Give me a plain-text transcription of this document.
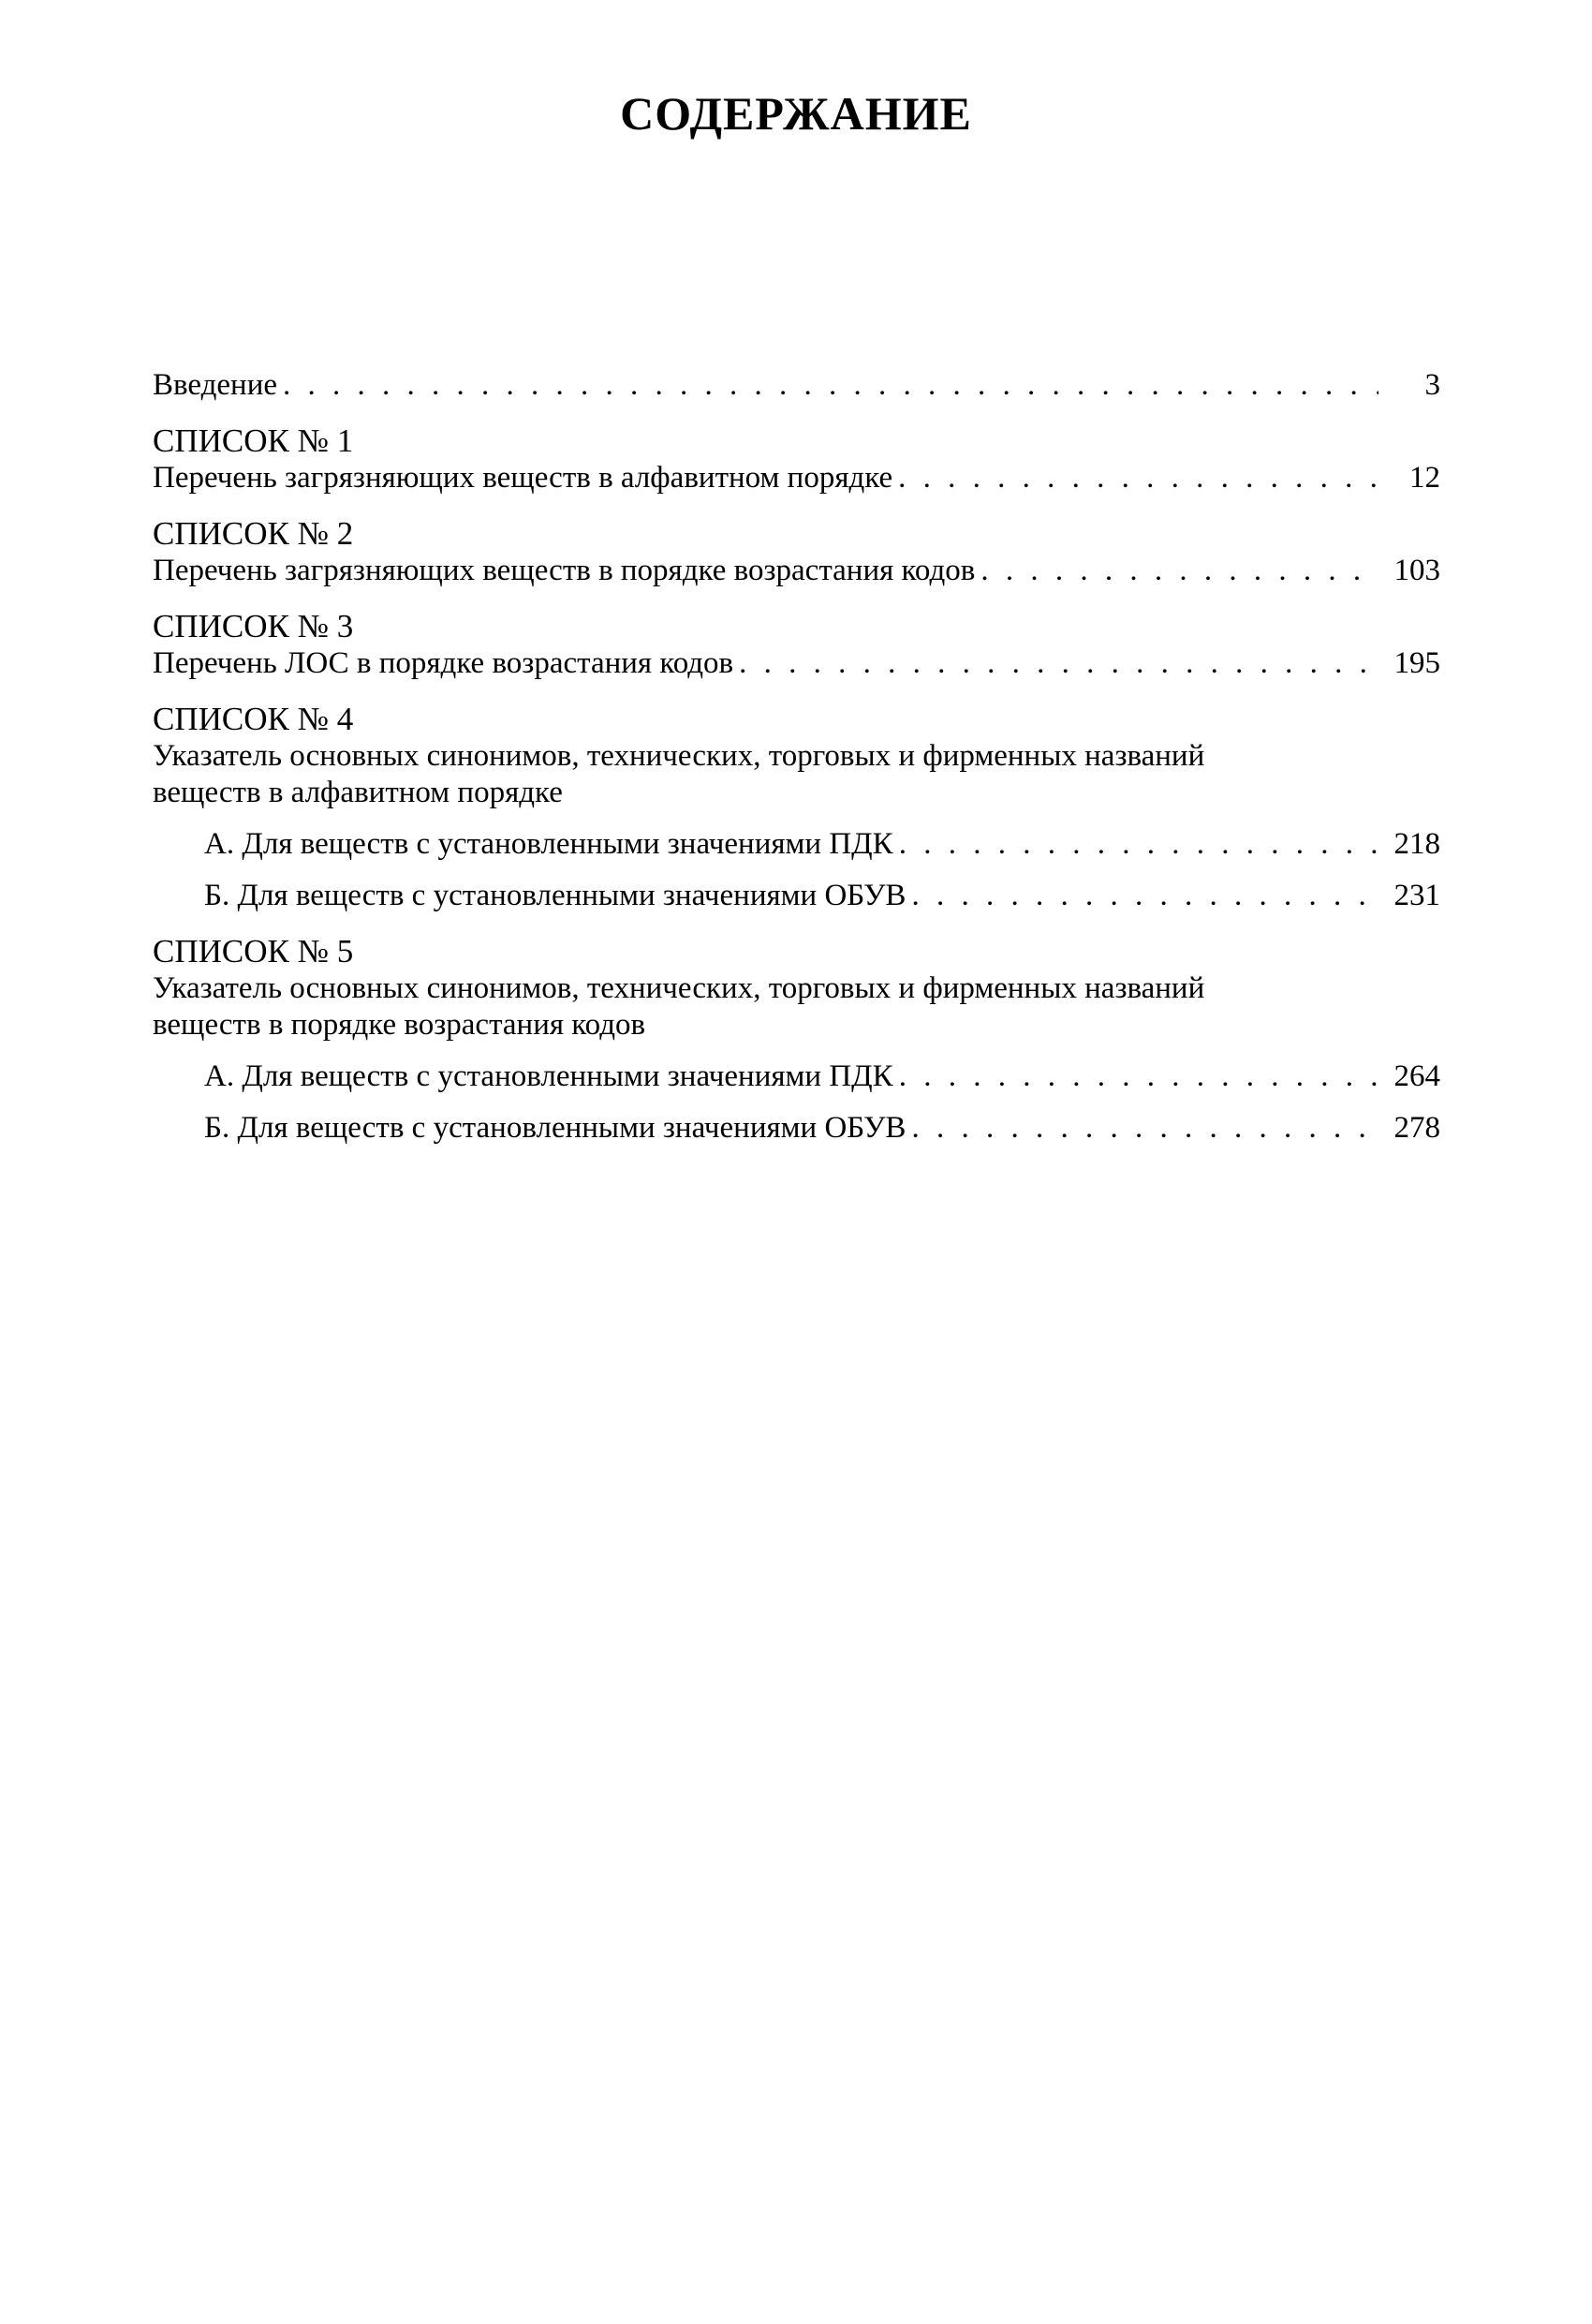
СОДЕРЖАНИЕ
Введение . . .	3
СПИСОК № 1
Перечень загрязняющих веществ в алфавитном порядке . . .	12
СПИСОК № 2
Перечень загрязняющих веществ в порядке возрастания кодов . . .	103
СПИСОК № 3
Перечень ЛОС в порядке возрастания кодов . . .	195
СПИСОК № 4
Указатель основных синонимов, технических, торговых и фирменных названий
веществ в алфавитном порядке
А. Для веществ с установленными значениями ПДК . . .	218
Б. Для веществ с установленными значениями ОБУВ . . .	231
СПИСОК № 5
Указатель основных синонимов, технических, торговых и фирменных названий
веществ в порядке возрастания кодов
А. Для веществ с установленными значениями ПДК . . .	264
Б. Для веществ с установленными значениями ОБУВ . . .	278
